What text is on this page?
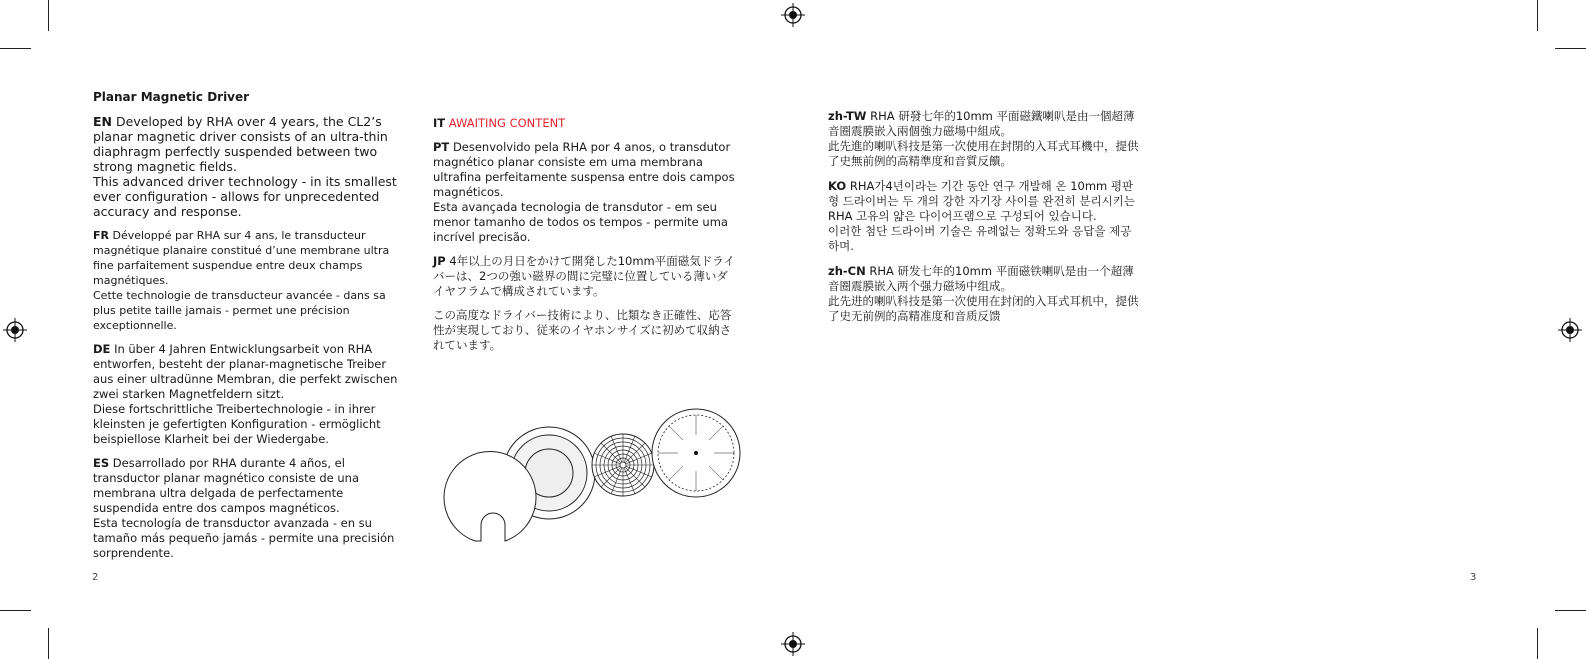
Planar Magnetic Driver

EN Developed by RHA over 4 years, the CL2’s planar magnetic driver consists of an ultra-thin diaphragm perfectly suspended between two strong magnetic fields.
This advanced driver technology - in its smallest ever configuration - allows for unprecedented accuracy and response.

FR Développé par RHA sur 4 ans, le transducteur magnétique planaire constitué d’une membrane ultra fine parfaitement suspendue entre deux champs magnétiques.
Cette technologie de transducteur avancée - dans sa plus petite taille jamais - permet une précision exceptionnelle.

DE In über 4 Jahren Entwicklungsarbeit von RHA entworfen, besteht der planar-magnetische Treiber aus einer ultradünne Membran, die perfekt zwischen zwei starken Magnetfeldern sitzt.
Diese fortschrittliche Treibertechnologie - in ihrer kleinsten je gefertigten Konfiguration - ermöglicht beispiellose Klarheit bei der Wiedergabe.

ES Desarrollado por RHA durante 4 años, el transductor planar magnético consiste de una membrana ultra delgada de perfectamente suspendida entre dos campos magnéticos.
Esta tecnología de transductor avanzada - en su tamaño más pequeño jamás - permite una precisión sorprendente.

IT AWAITING CONTENT

PT Desenvolvido pela RHA por 4 anos, o transdutor magnético planar consiste em uma membrana ultrafina perfeitamente suspensa entre dois campos magnéticos.
Esta avançada tecnologia de transdutor - em seu menor tamanho de todos os tempos - permite uma incrível precisão.

JP 4年以上の月日をかけて開発した10mm平面磁気ドライバーは、2つの強い磁界の間に完璧に位置している薄いダイヤフラムで構成されています。

この高度なドライバー技術により、比類なき正確性、応答性が実現しており、従来のイヤホンサイズに初めて収納されています。

zh-TW RHA 研發七年的10mm 平面磁鐵喇叭是由一個超薄音圈震膜嵌入兩個強力磁場中組成。
此先進的喇叭科技是第一次使用在封閉的入耳式耳機中，提供了史無前例的高精準度和音質反饋。

KO RHA가4년이라는 기간 동안 연구 개발해 온 10mm 평판형 드라이버는 두 개의 강한 자기장 사이를 완전히 분리시키는 RHA 고유의 얇은 다이어프램으로 구성되어 있습니다.
이러한 첨단 드라이버 기술은 유례없는 정확도와 응답을 제공하며.

zh-CN RHA 研发七年的10mm 平面磁铁喇叭是由一个超薄音圈震膜嵌入两个强力磁场中组成。
此先进的喇叭科技是第一次使用在封闭的入耳式耳机中，提供了史无前例的高精准度和音质反馈

2	3
